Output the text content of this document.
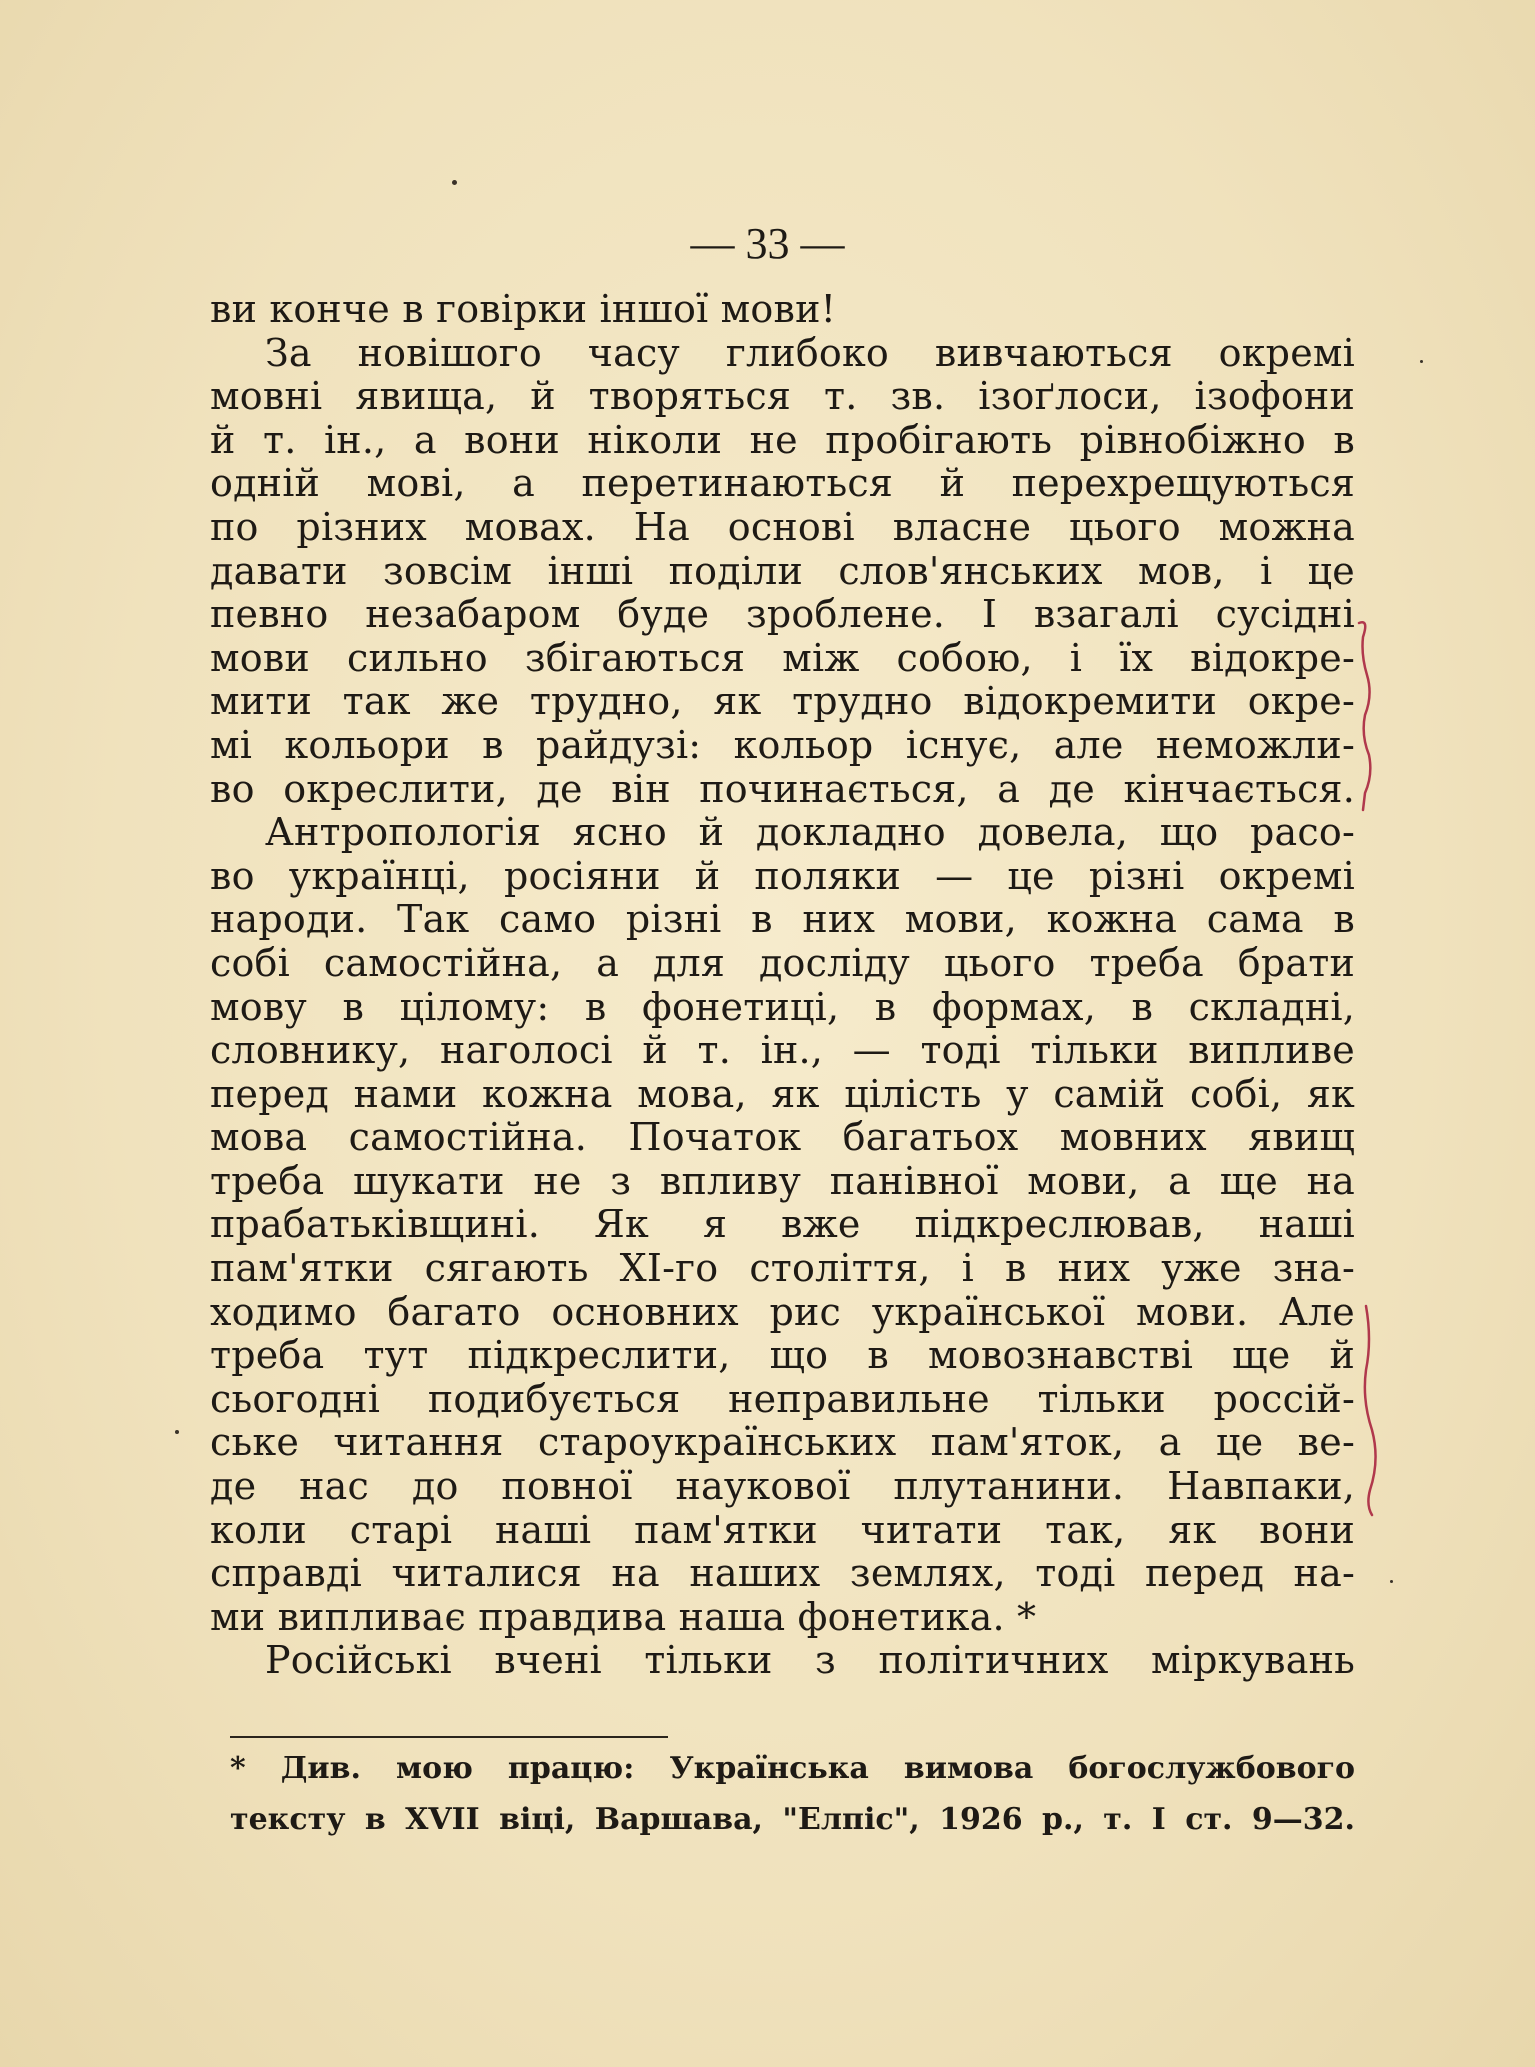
— 33 —

ви конче в говірки іншої мови!
За новішого часу глибоко вивчаються окремі
мовні явища, й творяться т. зв. ізоґлоси, ізофони
й т. ін., а вони ніколи не пробігають рівнобіжно в
одній мові, а перетинаються й перехрещуються
по різних мовах. На основі власне цього можна
давати зовсім інші поділи слов'янських мов, і це
певно незабаром буде зроблене. І взагалі сусідні
мови сильно збігаються між собою, і їх відокре-
мити так же трудно, як трудно відокремити окре-
мі кольори в райдузі: кольор існує, але неможли-
во окреслити, де він починається, а де кінчається.
Антропологія ясно й докладно довела, що расо-
во українці, росіяни й поляки — це різні окремі
народи. Так само різні в них мови, кожна сама в
собі самостійна, а для досліду цього треба брати
мову в цілому: в фонетиці, в формах, в складні,
словнику, наголосі й т. ін., — тоді тільки випливе
перед нами кожна мова, як цілість у самій собі, як
мова самостійна. Початок багатьох мовних явищ
треба шукати не з впливу панівної мови, а ще на
прабатьківщині. Як я вже підкреслював, наші
пам'ятки сягають XI-го століття, і в них уже зна-
ходимо багато основних рис української мови. Але
треба тут підкреслити, що в мовознавстві ще й
сьогодні подибується неправильне тільки россій-
ське читання староукраїнських пам'яток, а це ве-
де нас до повної наукової плутанини. Навпаки,
коли старі наші пам'ятки читати так, як вони
справді читалися на наших землях, тоді перед на-
ми випливає правдива наша фонетика. *
Російські вчені тільки з політичних міркувань
* Див. мою працю: Українська вимова богослужбового
тексту в XVII віці, Варшава, "Елпіс", 1926 р., т. І ст. 9—32.
